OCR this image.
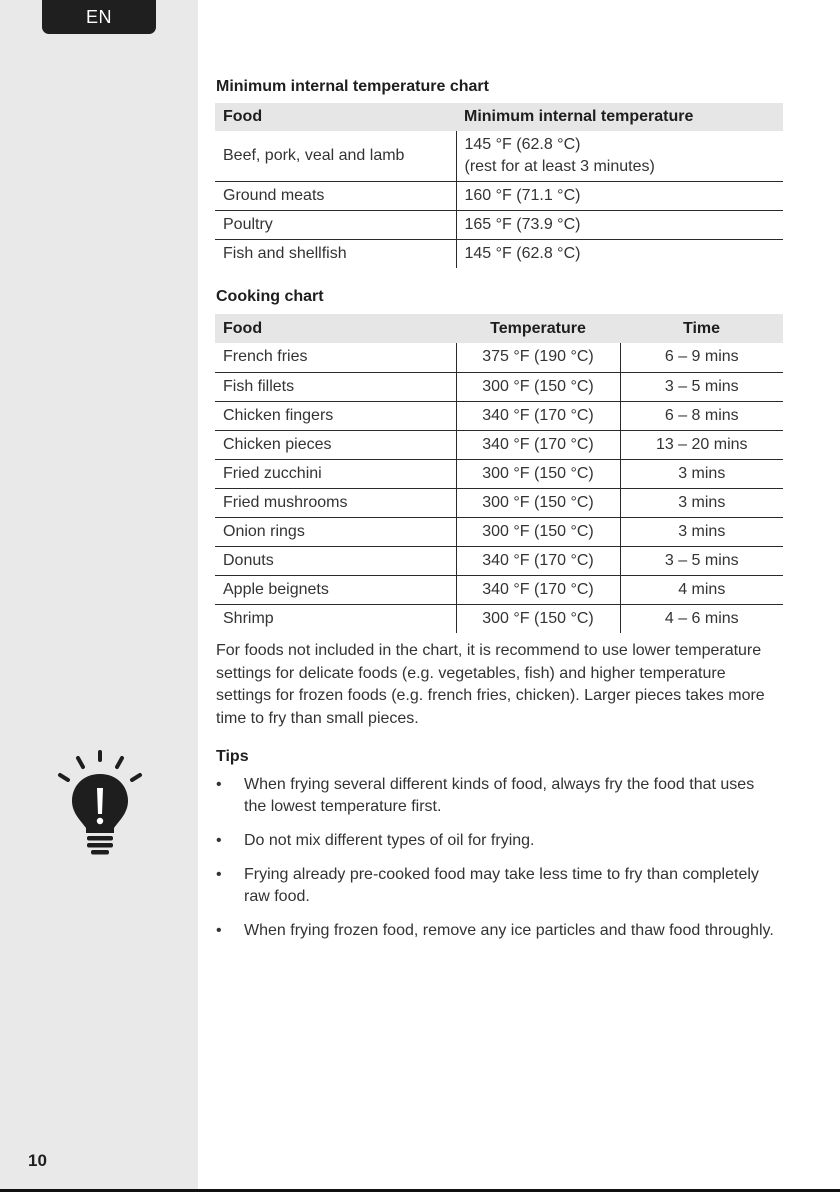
EN
10
Minimum internal temperature chart
Food	Minimum internal temperature
Beef, pork, veal and lamb	145 °F (62.8 °C)
(rest for at least 3 minutes)

Ground meats	160 °F (71.1 °C)
Poultry	165 °F (73.9 °C)
Fish and shellfish	145 °F (62.8 °C)
Cooking chart
Food	Temperature	Time
French fries	375 °F (190 °C)	6 – 9 mins
Fish fillets	300 °F (150 °C)	3 – 5 mins
Chicken fingers	340 °F (170 °C)	6 – 8 mins
Chicken pieces	340 °F (170 °C)	13 – 20 mins
Fried zucchini	300 °F (150 °C)	3 mins
Fried mushrooms	300 °F (150 °C)	3 mins
Onion rings	300 °F (150 °C)	3 mins
Donuts	340 °F (170 °C)	3 – 5 mins
Apple beignets	340 °F (170 °C)	4 mins
Shrimp	300 °F (150 °C)	4 – 6 mins

For foods not included in the chart, it is recommend to use lower temperature settings for delicate foods (e.g. vegetables, fish) and higher temperature settings for frozen foods (e.g. french fries, chicken). Larger pieces takes more time to fry than small pieces.

Tips
• When frying several different kinds of food, always fry the food that uses the lowest temperature first.
• Do not mix different types of oil for frying.
• Frying already pre-cooked food may take less time to fry than completely raw food.
• When frying frozen food, remove any ice particles and thaw food throughly.
